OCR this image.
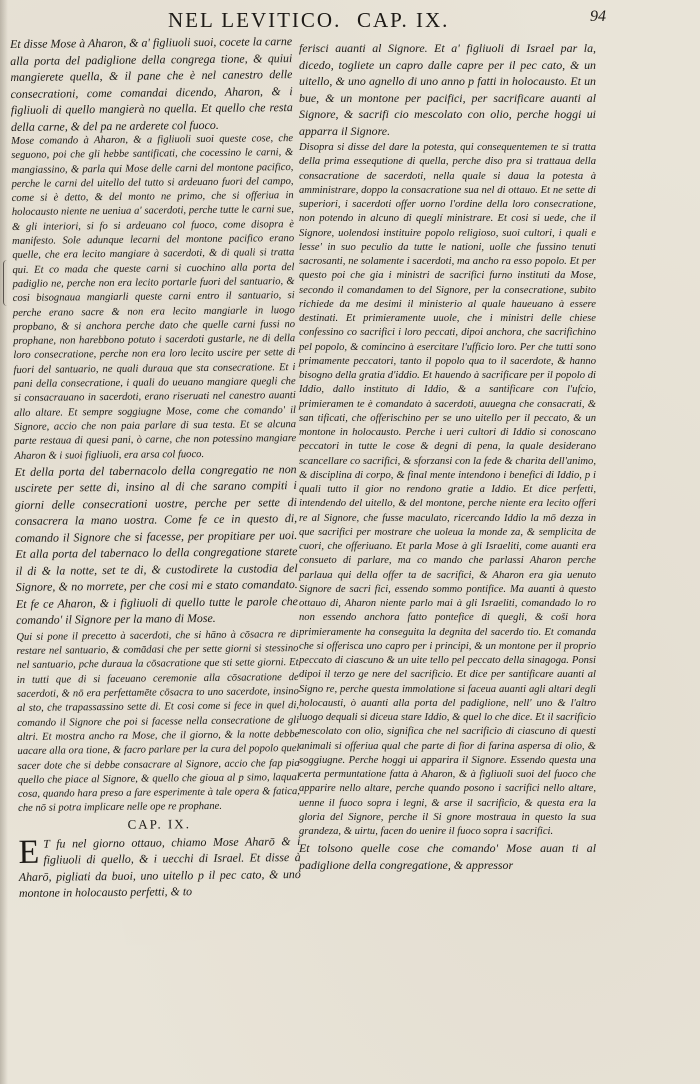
NEL LEVITICO. CAP. IX.	94

Et disse Mose à Aharon, & a' figliuoli suoi, cocete la carne alla porta del padiglione della congrega tione, & quiui mangierete quella, & il pane che è nel canestro delle consecrationi, come comandai dicendo, Aharon, & i figliuoli di quello mangierà no quella. Et quello che resta della carne, & del pa ne arderete col fuoco.

Mose comando à Aharon, & a figliuoli suoi queste cose, che seguono, poi che gli hebbe santificati, che cocessino le carni, & mangiassino, & parla qui Mose delle carni del montone pacifico, perche le carni del uitello del tutto si ardeuano fuori del campo, come si è detto, & del monto ne primo, che si offeriua in holocausto niente ne ueniua a' sacerdoti, perche tutte le carni sue, & gli interiori, si fo si ardeuano col fuoco, come disopra è manifesto. Sole adunque lecarni del montone pacifico erano quelle, che era lecito mangiare à sacerdoti, & di quali si tratta qui. Et co mada che queste carni si cuochino alla porta del padiglio ne, perche non era lecito portarle fuori del santuario, & cosi bisognaua mangiarli queste carni entro il santuario, si perche erano sacre & non era lecito mangiarle in luogo propbano, & si anchora perche dato che quelle carni fussi no prophane, non harebbono potuto i sacerdoti gustarle, ne di della loro consecratione, perche non era loro lecito uscire per sette di fuori del santuario, ne quali duraua que sta consecratione. Et i pani della consecratione, i quali do ueuano mangiare quegli che si consacrauano in sacerdoti, erano riseruati nel canestro auanti allo altare. Et sempre soggiugne Mose, come che comando' il Signore, accio che non paia parlare di sua testa. Et se alcuna parte restaua di quesi pani, ò carne, che non potessino mangiare Aharon & i suoi figliuoli, era arsa col fuoco.

Et della porta del tabernacolo della congregatio ne non uscirete per sette di, insino al di che sarano compiti i giorni delle consecrationi uostre, perche per sette di consacrera la mano uostra. Come fe ce in questo di, comando il Signore che si facesse, per propitiare per uoi. Et alla porta del tabernaco lo della congregatione starete il di & la notte, set te di, & custodirete la custodia del Signore, & no morrete, per che cosi mi e stato comandato. Et fe ce Aharon, & i figliuoli di quello tutte le parole che comando' il Signore per la mano di Mose.

Qui si pone il precetto à sacerdoti, che si hāno à cōsacra re di restare nel santuario, & comādasi che per sette giorni si stessino nel santuario, pche duraua la cōsacratione que sti sette giorni. Et in tutti que di si faceuano ceremonie alla cōsacratione de sacerdoti, & nō era perfettamēte cōsacra to uno sacerdote, insino al sto, che trapassassino sette di. Et cosi come si fece in quel di, comando il Signore che poi si facesse nella consecratione de gli altri. Et mostra ancho ra Mose, che il giorno, & la notte debbe uacare alla ora tione, & facro parlare per la cura del popolo quel sacer dote che si debbe consacrare al Signore, accio che fap pia quello che piace al Signore, & quello che gioua al p simo, laqual cosa, quando hara preso a fare esperimente à tale opera & fatica, che nō si potra implicare nelle ope re prophane.

CAP. IX.

E T fu nel giorno ottauo, chiamo Mose Aharō & i figliuoli di quello, & i uecchi di Israel. Et disse à Aharō, pigliati da buoi, uno uitello p il pec cato, & uno montone in holocausto perfetti, & to

ferisci auanti al Signore. Et a' figliuoli di Israel par la, dicedo, togliete un capro dalle capre per il pec cato, & un uitello, & uno agnello di uno anno p fatti in holocausto. Et un bue, & un montone per pacifici, per sacrificare auanti al Signore, & sacrifi cio mescolato con olio, perche hoggi ui apparra il Signore.

Disopra si disse del dare la potesta, qui consequentemen te si tratta della prima essequtione di quella, perche diso pra si trattaua della consacratione de sacerdoti, nella quale si daua la potesta à amministrare, doppo la consacratione sua nel di ottauo. Et ne sette di superiori, i sacerdoti offer uorno l'ordine della loro consecratione, non potendo in alcuno di queglí ministrare. Et cosi si uede, che il Signore, uolendosi instituire popolo religioso, suoi cultori, i quali e lesse' in suo peculio da tutte le nationi, uolle che fussino tenuti sacrosanti, ne solamente i sacerdoti, ma ancho ra esso popolo. Et per questo poi che gia i ministri de sacrifici furno instituti da Mose, secondo il comandamen to del Signore, per la consecratione, subito richiede da me desimi il ministerio al quale haueuano à essere destinati. Et primieramente uuole, che i ministri delle chiese confessino co sacrifici i loro peccati, dipoi anchora, che sacrifichino pel popolo, & comincino à esercitare l'ufficio loro. Per che tutti sono primamente peccatori, tanto il popolo qua to il sacerdote, & hanno bisogno della gratia d'iddio. Et hauendo à sacrificare per il popolo di Iddio, dallo instituto di Iddio, & a santificare con l'ufcio, primieramen te è comandato à sacerdoti, auuegna che consacrati, & san tificati, che offerischino per se uno uitello per il peccato, & un montone in holocausto. Perche i ueri cultori di Iddio si conoscano peccatori in tutte le cose & degni di pena, la quale desiderano scancellare co sacrifici, & sforzansi con la fede & charita dell'animo, & disciplina di corpo, & final mente intendono i benefici di Iddio, p i quali tutto il gior no rendono gratie a Iddio. Et dice perfetti, intendendo del uitello, & del montone, perche niente era lecito offeri re al Signore, che fusse maculato, ricercando Iddio la mō dezza in que sacrifici per mostrare che uoleua la monde za, & semplicita de cuori, che offeriuano. Et parla Mose à gli Israeliti, come auanti era consueto di parlare, ma co mando che parlassi Aharon perche parlaua qui della offer ta de sacrifici, & Aharon era gia uenuto Signore de sacri fici, essendo sommo pontifice. Ma auanti à questo ottauo di, Aharon niente parlo mai à gli Israeliti, comandado lo ro non essendo anchora fatto pontefice di quegli, & coši hora primieramente ha conseguita la degnita del sacerdo tio. Et comanda che si offerisca uno capro per i principi, & un montone per il proprio peccato di ciascuno & un uite tello pel peccato della sinagoga. Ponsi dipoi il terzo ge nere del sacrificio. Et dice per santificare auanti al Signo re, perche questa immolatione si faceua auanti agli altari degli holocausti, ò auanti alla porta del padiglione, nell' uno & l'altro luogo dequali si diceua stare Iddio, & quel lo che dice. Et il sacrificio mescolato con olio, significa che nel sacrificio di ciascuno di questi animali si offeriua qual che parte di fior di farina aspersa di olio, & soggiugne. Perche hoggi ui apparira il Signore. Essendo questa una certa permuntatione fatta à Aharon, & à figliuoli suoi del fuoco che apparire nello altare, perche quando posono i sacrifici nello altare, uenne il fuoco sopra i legni, & arse il sacrificio, & questa era la gloria del Signore, perche il Si gnore mostraua in questo la sua grandeza, & uirtu, facen do uenire il fuoco sopra i sacrifici.

Et tolsono quelle cose che comando' Mose auan ti al padiglione della congregatione, & appressor
